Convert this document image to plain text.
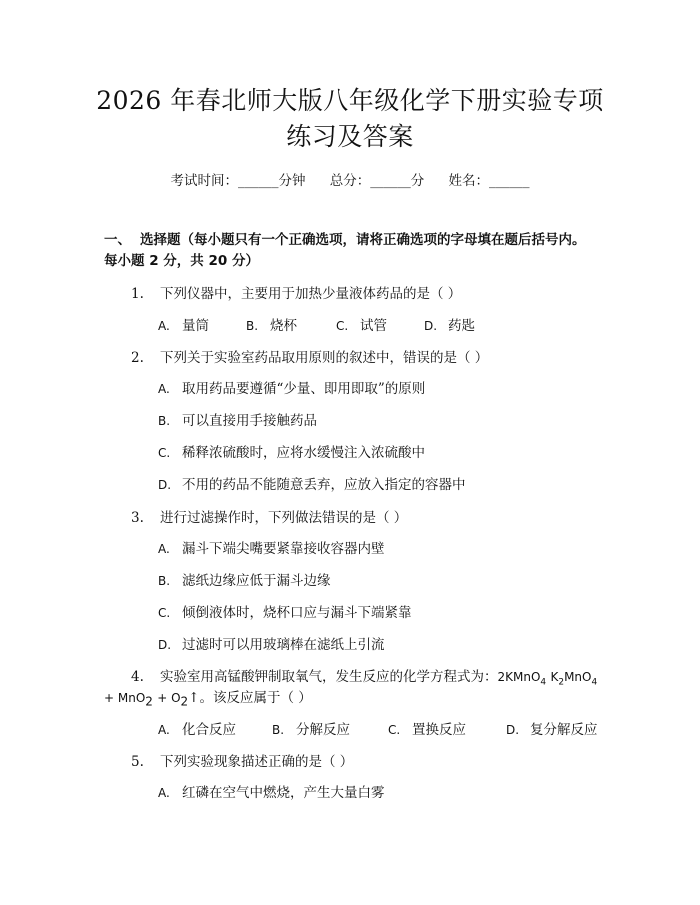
2026 年春北师大版八年级化学下册实验专项
练习及答案
考试时间：______分钟 总分：______分 姓名：______
一、 选择题（每小题只有一个正确选项，请将正确选项的字母填在题后括号内。
每小题 2 分，共 20 分）
1. 下列仪器中，主要用于加热少量液体药品的是（ ）
A. 量筒	B. 烧杯	C. 试管	D. 药匙
2. 下列关于实验室药品取用原则的叙述中，错误的是（ ）
A. 取用药品要遵循“少量、即用即取”的原则
B. 可以直接用手接触药品
C. 稀释浓硫酸时，应将水缓慢注入浓硫酸中
D. 不用的药品不能随意丢弃，应放入指定的容器中
3. 进行过滤操作时，下列做法错误的是（ ）
A. 漏斗下端尖嘴要紧靠接收容器内壁
B. 滤纸边缘应低于漏斗边缘
C. 倾倒液体时，烧杯口应与漏斗下端紧靠
D. 过滤时可以用玻璃棒在滤纸上引流
4. 实验室用高锰酸钾制取氧气，发生反应的化学方程式为：2KMnO$_4$ $K_2MnO_4$
+ $MnO_2 + O_2↑$。该反应属于（ ）
A. 化合反应	B. 分解反应	C. 置换反应	D. 复分解反应
5. 下列实验现象描述正确的是（ ）
A. 红磷在空气中燃烧，产生大量白雾
